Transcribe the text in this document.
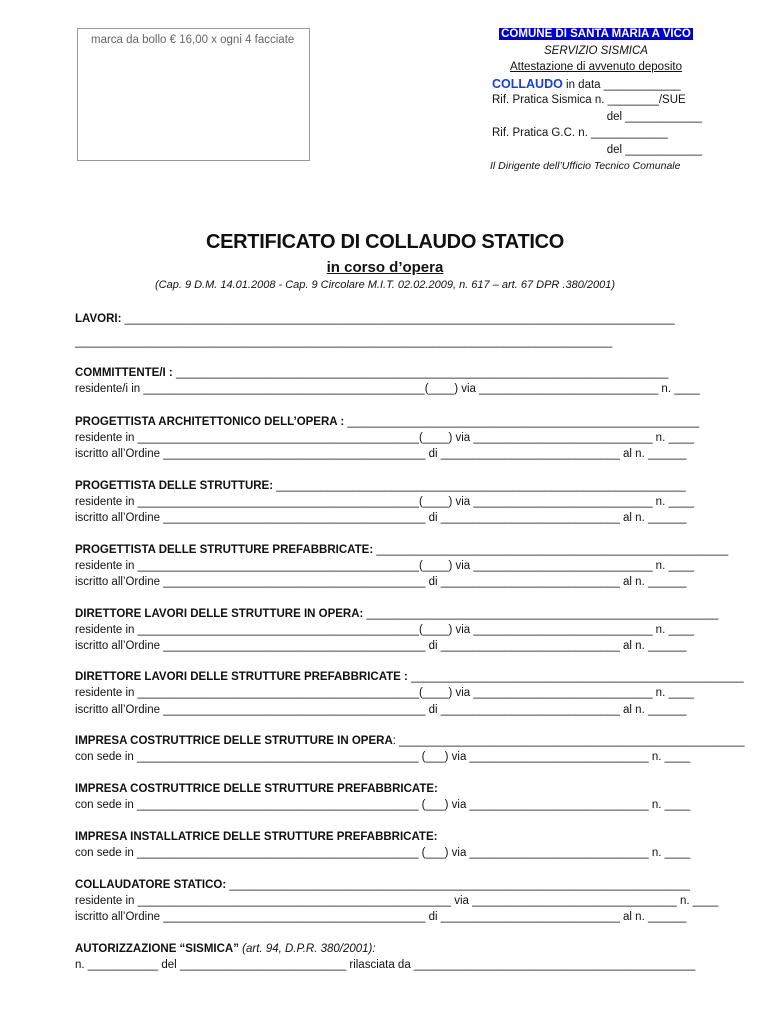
marca da bollo € 16,00 x ogni 4 facciate	COMUNE DI SANTA MARIA A VICO
SERVIZIO SISMICA
Attestazione di avvenuto deposito
COLLAUDO in data ____________
Rif. Pratica Sismica n. ________/SUE
del ____________
Rif. Pratica G.C. n. ____________
del ____________
Il Dirigente dell’Ufficio Tecnico Comunale
CERTIFICATO DI COLLAUDO STATICO
in corso d’opera
(Cap. 9 D.M. 14.01.2008 - Cap. 9 Circolare M.I.T. 02.02.2009, n. 617 – art. 67 DPR .380/2001)
LAVORI: ______________________________________________________________________________________
____________________________________________________________________________________
COMMITTENTE/I : _____________________________________________________________________________
residente/i in ____________________________________________(____) via ____________________________ n. ____
PROGETTISTA ARCHITETTONICO DELL’OPERA : _______________________________________________________
residente in ____________________________________________(____) via ____________________________ n. ____
iscritto all’Ordine _________________________________________ di ____________________________ al n. ______
PROGETTISTA DELLE STRUTTURE: ________________________________________________________________
residente in ____________________________________________(____) via ____________________________ n. ____
iscritto all’Ordine _________________________________________ di ____________________________ al n. ______
PROGETTISTA DELLE STRUTTURE PREFABBRICATE: _______________________________________________________
residente in ____________________________________________(____) via ____________________________ n. ____
iscritto all’Ordine _________________________________________ di ____________________________ al n. ______
DIRETTORE LAVORI DELLE STRUTTURE IN OPERA: _______________________________________________________
residente in ____________________________________________(____) via ____________________________ n. ____
iscritto all’Ordine _________________________________________ di ____________________________ al n. ______
DIRETTORE LAVORI DELLE STRUTTURE PREFABBRICATE : ____________________________________________________
residente in ____________________________________________(____) via ____________________________ n. ____
iscritto all’Ordine _________________________________________ di ____________________________ al n. ______
IMPRESA COSTRUTTRICE DELLE STRUTTURE IN OPERA: ______________________________________________________
con sede in ____________________________________________ (___) via ____________________________ n. ____
IMPRESA COSTRUTTRICE DELLE STRUTTURE PREFABBRICATE:
con sede in ____________________________________________ (___) via ____________________________ n. ____
IMPRESA INSTALLATRICE DELLE STRUTTURE PREFABBRICATE:
con sede in ____________________________________________ (___) via ____________________________ n. ____
COLLAUDATORE STATICO: ________________________________________________________________________
residente in _________________________________________________ via ________________________________ n. ____
iscritto all’Ordine _________________________________________ di ____________________________ al n. ______
AUTORIZZAZIONE “SISMICA” (art. 94, D.P.R. 380/2001):
n. ___________ del __________________________ rilasciata da ____________________________________________
